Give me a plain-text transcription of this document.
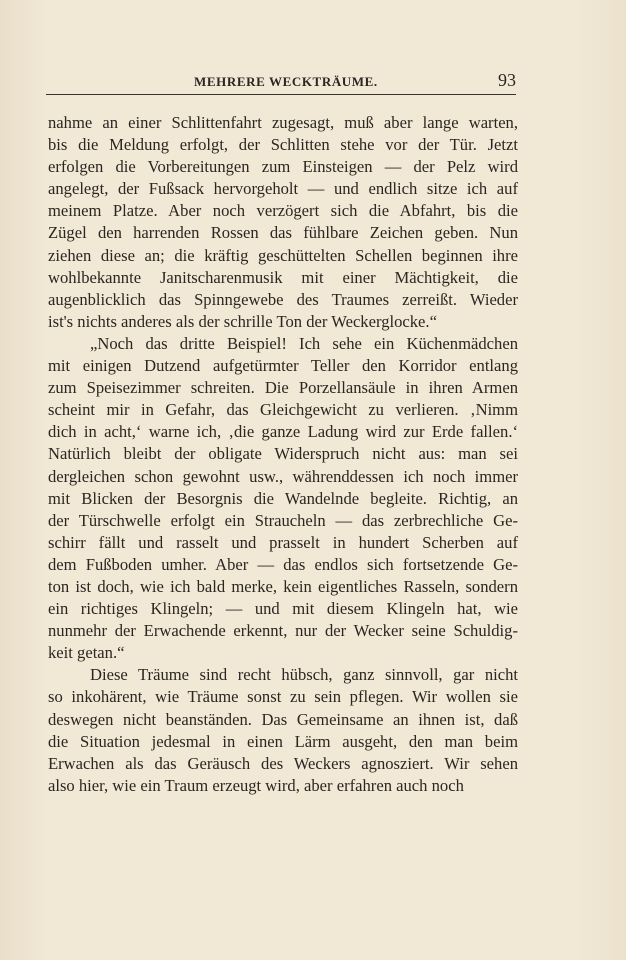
MEHRERE WECKTRÄUME.	93
nahme an einer Schlittenfahrt zugesagt, muß aber lange warten,
bis die Meldung erfolgt, der Schlitten stehe vor der Tür. Jetzt
erfolgen die Vorbereitungen zum Einsteigen — der Pelz wird
angelegt, der Fußsack hervorgeholt — und endlich sitze ich auf
meinem Platze. Aber noch verzögert sich die Abfahrt, bis die
Zügel den harrenden Rossen das fühlbare Zeichen geben. Nun
ziehen diese an; die kräftig geschüttelten Schellen beginnen ihre
wohlbekannte Janitscharenmusik mit einer Mächtigkeit, die
augenblicklich das Spinngewebe des Traumes zerreißt. Wieder
ist's nichts anderes als der schrille Ton der Weckerglocke.“
„Noch das dritte Beispiel! Ich sehe ein Küchenmädchen
mit einigen Dutzend aufgetürmter Teller den Korridor entlang
zum Speisezimmer schreiten. Die Porzellansäule in ihren Armen
scheint mir in Gefahr, das Gleichgewicht zu verlieren. ‚Nimm
dich in acht,‘ warne ich, ‚die ganze Ladung wird zur Erde fallen.‘
Natürlich bleibt der obligate Widerspruch nicht aus: man sei
dergleichen schon gewohnt usw., währenddessen ich noch immer
mit Blicken der Besorgnis die Wandelnde begleite. Richtig, an
der Türschwelle erfolgt ein Straucheln — das zerbrechliche Ge-
schirr fällt und rasselt und prasselt in hundert Scherben auf
dem Fußboden umher. Aber — das endlos sich fortsetzende Ge-
ton ist doch, wie ich bald merke, kein eigentliches Rasseln, sondern
ein richtiges Klingeln; — und mit diesem Klingeln hat, wie
nunmehr der Erwachende erkennt, nur der Wecker seine Schuldig-
keit getan.“
Diese Träume sind recht hübsch, ganz sinnvoll, gar nicht
so inkohärent, wie Träume sonst zu sein pflegen. Wir wollen sie
deswegen nicht beanständen. Das Gemeinsame an ihnen ist, daß
die Situation jedesmal in einen Lärm ausgeht, den man beim
Erwachen als das Geräusch des Weckers agnosziert. Wir sehen
also hier, wie ein Traum erzeugt wird, aber erfahren auch noch
